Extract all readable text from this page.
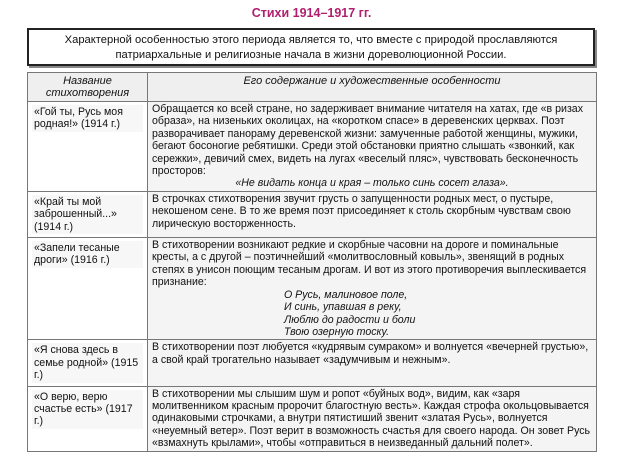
Стихи 1914–1917 гг.
Характерной особенностью этого периода является то, что вместе с природой прославляются патриархальные и религиозные начала в жизни дореволюционной России.
Название стихотворения	Его содержание и художественные особенности

«Гой ты, Русь моя родная!» (1914 г.)	Обращается ко всей стране, но задерживает внимание читателя на хатах, где «в ризах образа», на низеньких околицах, на «коротком спасе» в деревенских церквах. Поэт разворачивает панораму деревенской жизни: замученные работой женщины, мужики, бегают босоногие ребятишки. Среди этой обстановки приятно слышать «звонкий, как сережки», девичий смех, видеть на лугах «веселый пляс», чувствовать бесконечность просторов:
«Не видать конца и края – только синь сосет глаза».

«Край ты мой заброшенный...» (1914 г.)	В строчках стихотворения звучит грусть о запущенности родных мест, о пустыре, некошеном сене. В то же время поэт присоединяет к столь скорбным чувствам свою лирическую восторженность.

«Запели тесаные дроги» (1916 г.)	В стихотворении возникают редкие и скорбные часовни на дороге и поминальные кресты, а с другой – поэтичнейший «молитвословный ковыль», звенящий в родных степях в унисон поющим тесаным дрогам. И вот из этого противоречия выплескивается признание:
О Русь, малиновое поле,
И синь, упавшая в реку,
Люблю до радости и боли
Твою озерную тоску.

«Я снова здесь в семье родной» (1915 г.)	В стихотворении поэт любуется «кудрявым сумраком» и волнуется «вечерней грустью», а свой край трогательно называет «задумчивым и нежным».

«О верю, верю счастье есть» (1917 г.)	В стихотворении мы слышим шум и ропот «буйных вод», видим, как «заря молитвенником красным пророчит благостную весть». Каждая строфа окольцовывается одинаковыми строчками, а внутри пятистиший звенит «златая Русь», волнуется «неуемный ветер». Поэт верит в возможность счастья для своего народа. Он зовет Русь «взмахнуть крылами», чтобы «отправиться в неизведанный дальний полет».
